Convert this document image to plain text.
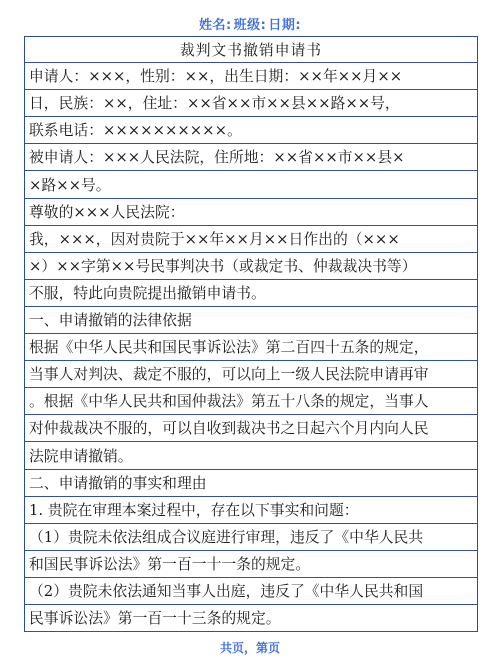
姓名: 班级: 日期:
裁判文书撤销申请书
申请人：×××，性别：××，出生日期：××年××月××
日，民族：××，住址：××省××市××县××路××号，
联系电话：××××××××××。
被申请人：×××人民法院，住所地：××省××市××县×
×路××号。
尊敬的×××人民法院：
我，×××，因对贵院于××年××月××日作出的（×××
×）××字第××号民事判决书（或裁定书、仲裁裁决书等）
不服，特此向贵院提出撤销申请书。
一、申请撤销的法律依据
根据《中华人民共和国民事诉讼法》第二百四十五条的规定，
当事人对判决、裁定不服的，可以向上一级人民法院申请再审
。根据《中华人民共和国仲裁法》第五十八条的规定，当事人
对仲裁裁决不服的，可以自收到裁决书之日起六个月内向人民
法院申请撤销。
二、申请撤销的事实和理由
1. 贵院在审理本案过程中，存在以下事实和问题：
（1）贵院未依法组成合议庭进行审理，违反了《中华人民共
和国民事诉讼法》第一百一十一条的规定。
（2）贵院未依法通知当事人出庭，违反了《中华人民共和国
民事诉讼法》第一百一十三条的规定。
共页，第页
